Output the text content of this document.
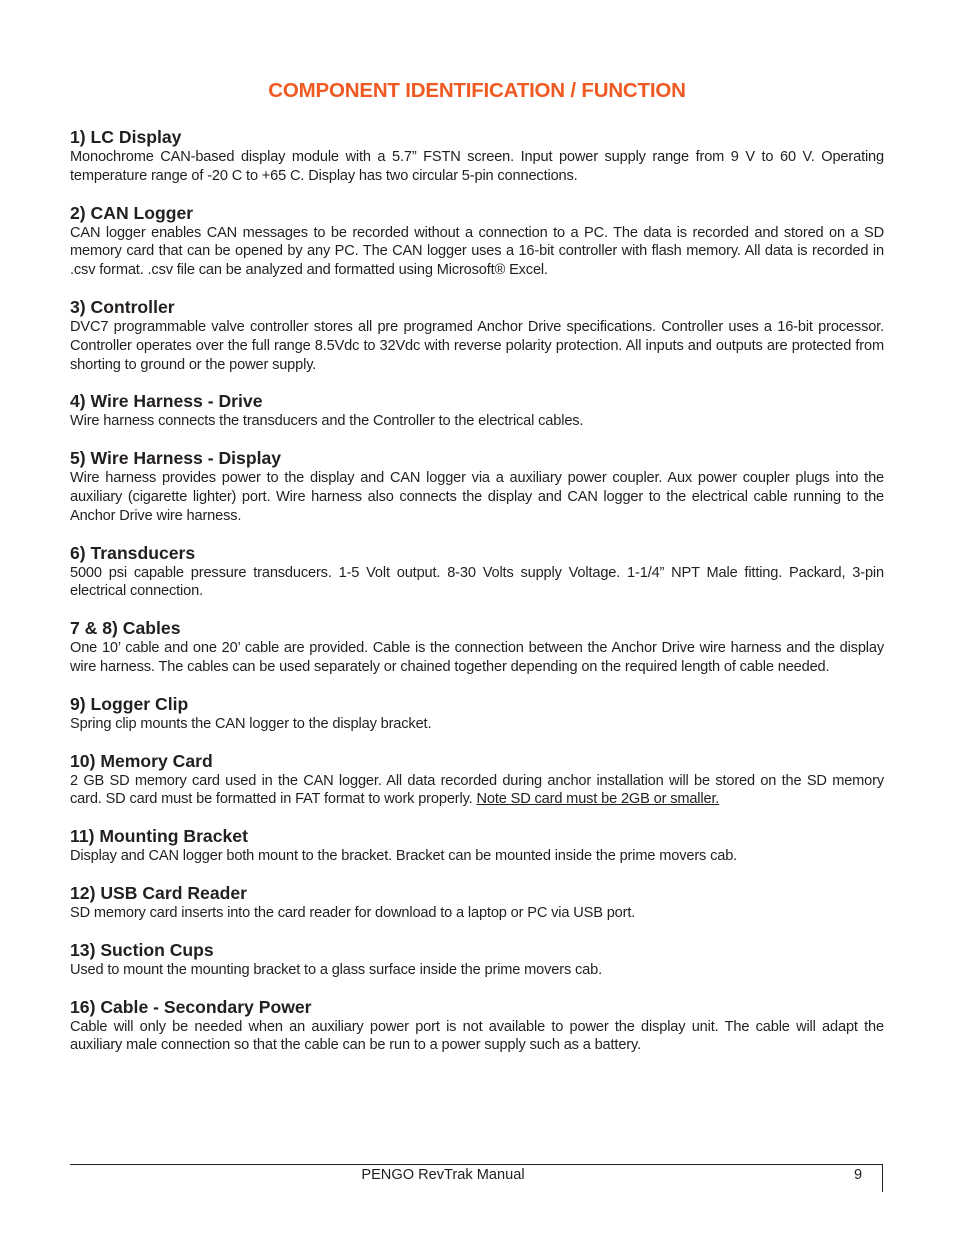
COMPONENT IDENTIFICATION / FUNCTION

1) LC Display

Monochrome CAN-based display module with a 5.7” FSTN screen. Input power supply range from 9 V to 60 V. Operating temperature range of -20 C to +65 C. Display has two circular 5-pin connections.

2) CAN Logger

CAN logger enables CAN messages to be recorded without a connection to a PC. The data is recorded and stored on a SD memory card that can be opened by any PC. The CAN logger uses a 16-bit controller with flash memory. All data is recorded in .csv format. .csv file can be analyzed and formatted using Microsoft® Excel.

3) Controller

DVC7 programmable valve controller stores all pre programed Anchor Drive specifications. Controller uses a 16-bit processor. Controller operates over the full range 8.5Vdc to 32Vdc with reverse polarity protection. All inputs and outputs are protected from shorting to ground or the power supply.

4) Wire Harness - Drive

Wire harness connects the transducers and the Controller to the electrical cables.

5) Wire Harness - Display

Wire harness provides power to the display and CAN logger via a auxiliary power coupler. Aux power coupler plugs into the auxiliary (cigarette lighter) port. Wire harness also connects the display and CAN logger to the electrical cable running to the Anchor Drive wire harness.

6) Transducers

5000 psi capable pressure transducers. 1-5 Volt output. 8-30 Volts supply Voltage. 1-1/4” NPT Male fitting. Packard, 3-pin electrical connection.

7 & 8) Cables

One 10’ cable and one 20’ cable are provided. Cable is the connection between the Anchor Drive wire harness and the display wire harness. The cables can be used separately or chained together depending on the required length of cable needed.

9) Logger Clip

Spring clip mounts the CAN logger to the display bracket.

10) Memory Card

2 GB SD memory card used in the CAN logger. All data recorded during anchor installation will be stored on the SD memory card. SD card must be formatted in FAT format to work properly. Note SD card must be 2GB or smaller.

11) Mounting Bracket

Display and CAN logger both mount to the bracket. Bracket can be mounted inside the prime movers cab.

12) USB Card Reader

SD memory card inserts into the card reader for download to a laptop or PC via USB port.

13) Suction Cups

Used to mount the mounting bracket to a glass surface inside the prime movers cab.

16) Cable - Secondary Power

Cable will only be needed when an auxiliary power port is not available to power the display unit. The cable will adapt the auxiliary male connection so that the cable can be run to a power supply such as a battery.

PENGO RevTrak Manual	9
